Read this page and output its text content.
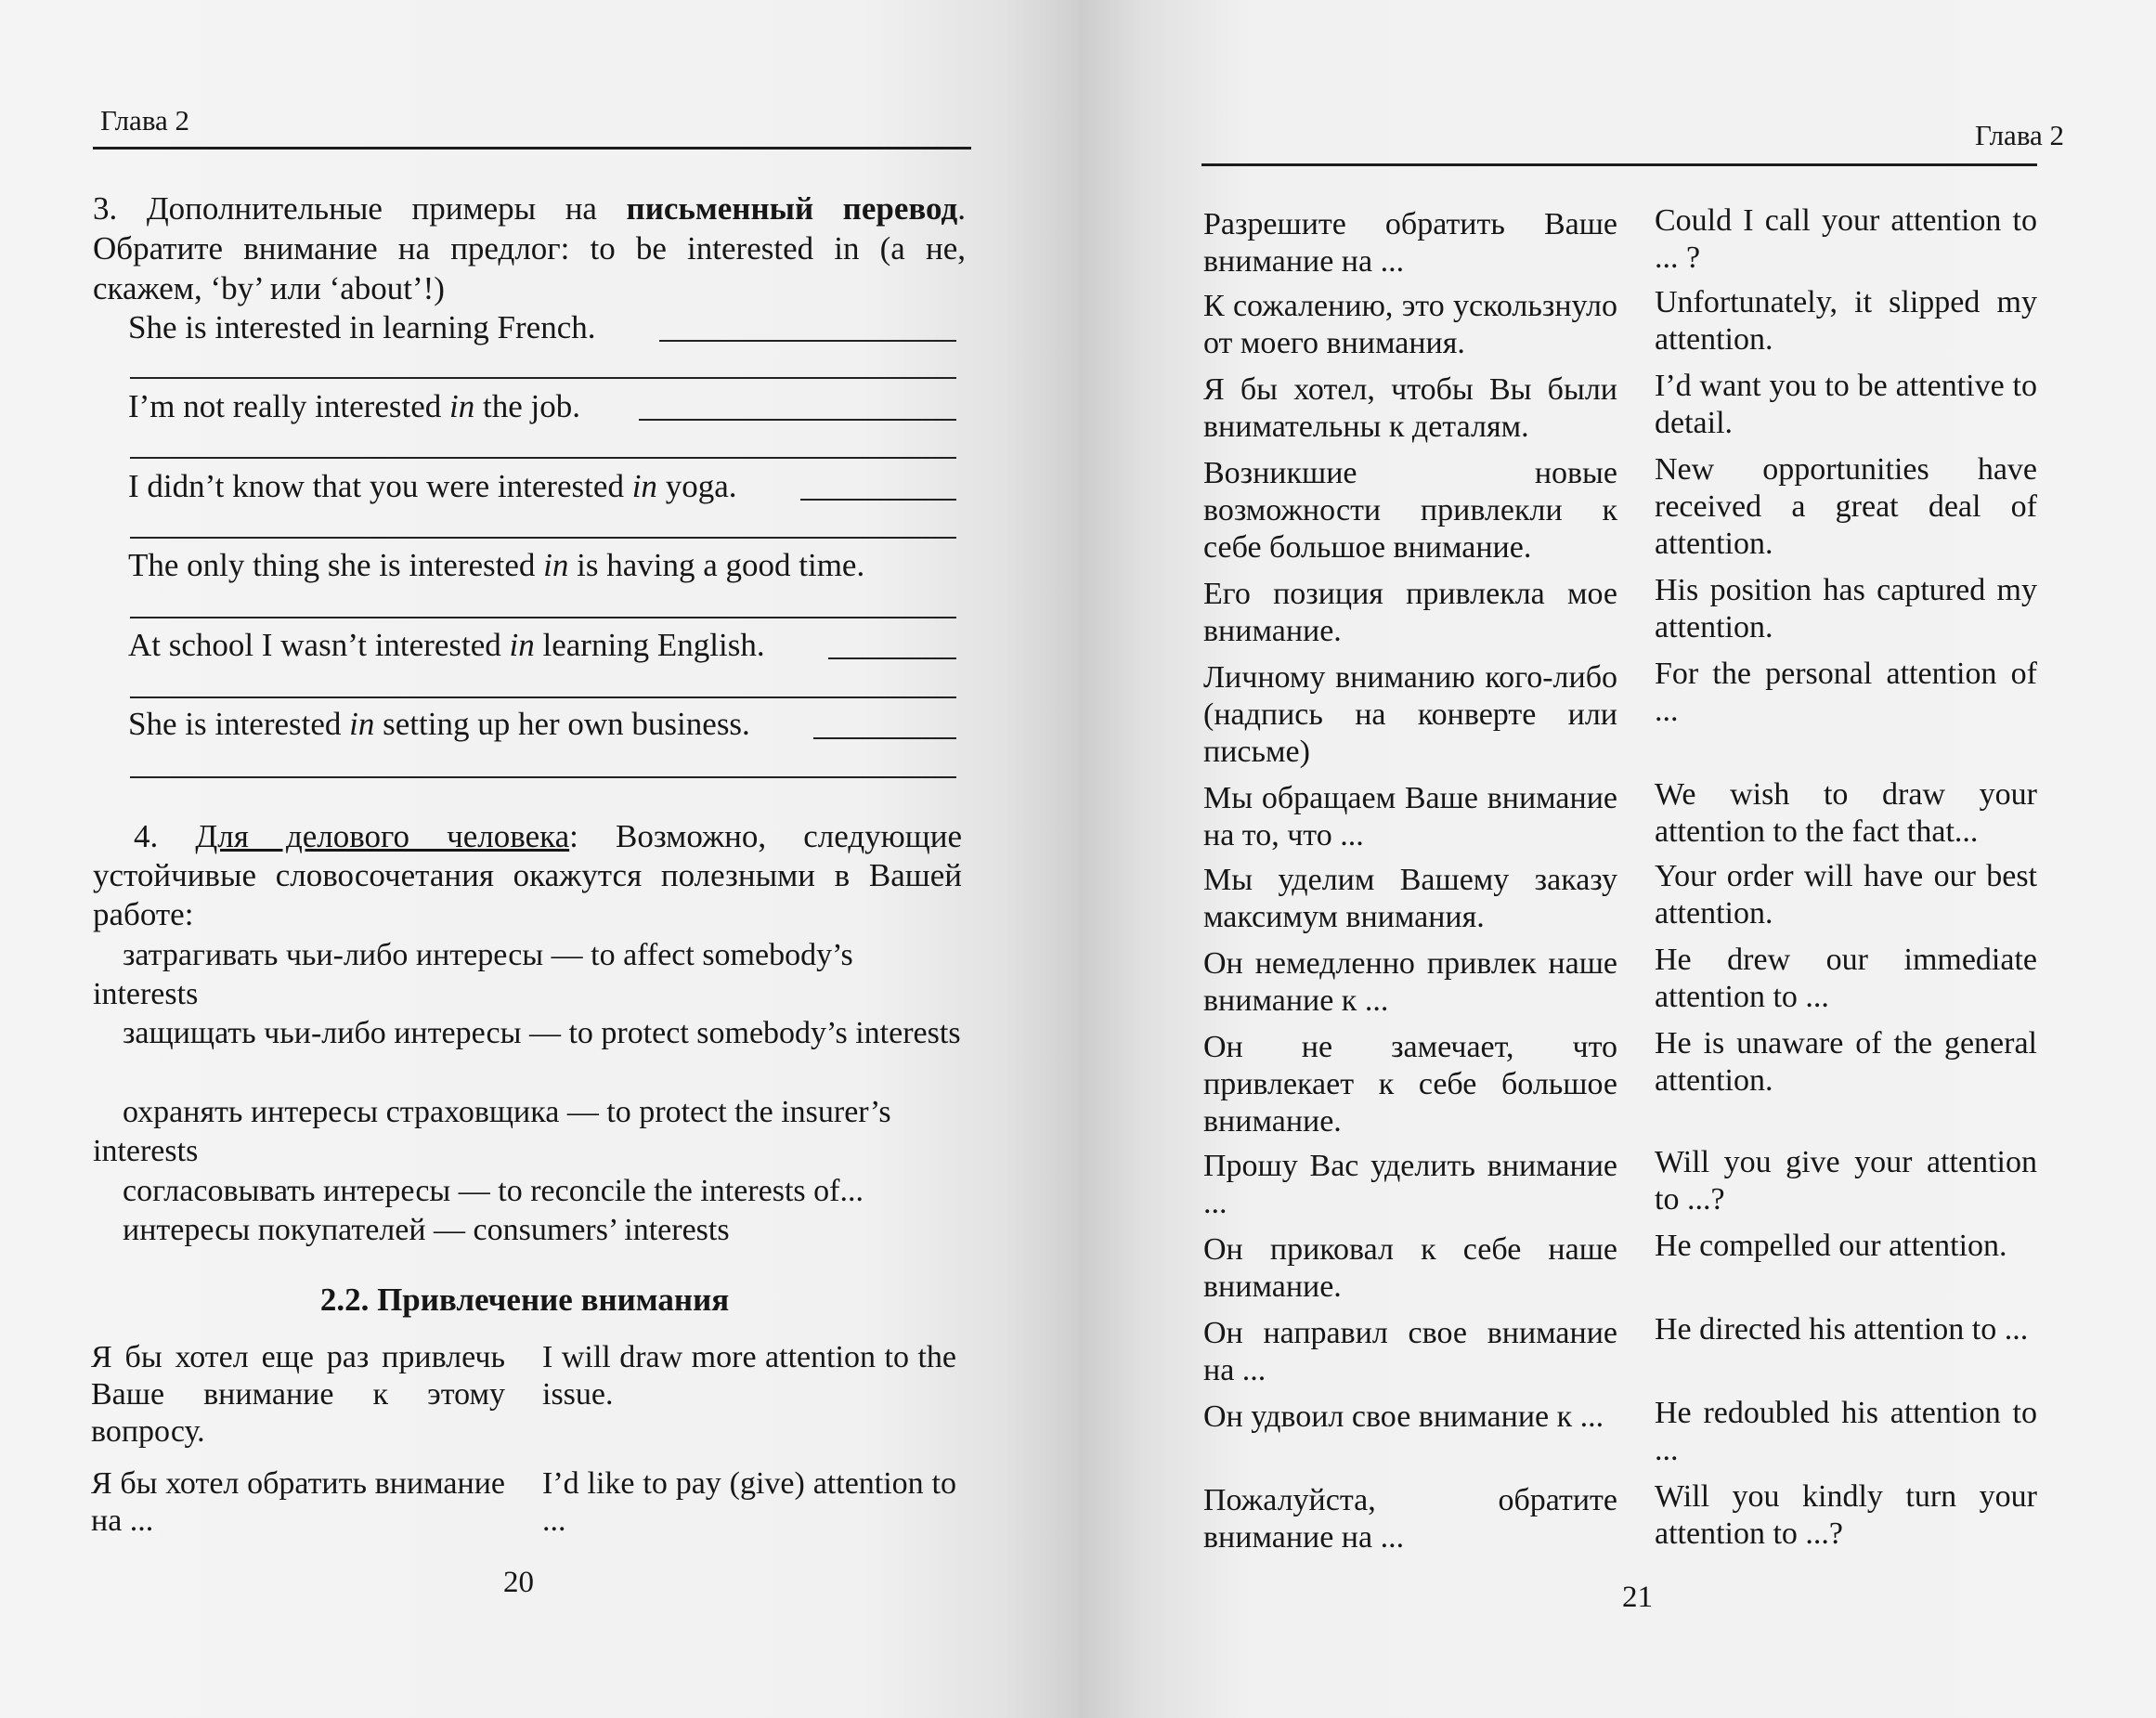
Глава 2
3. Дополнительные примеры на письменный перевод. Обратите внимание на предлог: to be interested in (а не, скажем, ‘by’ или ‘about’!)
She is interested in learning French.
I’m not really interested in the job.
I didn’t know that you were interested in yoga.
The only thing she is interested in is having a good time.
At school I wasn’t interested in learning English.
She is interested in setting up her own business.
4. Для делового человека: Возможно, следующие устойчивые словосочетания окажутся полезными в Вашей работе:
затрагивать чьи-либо интересы — to affect somebody’s interests
защищать чьи-либо интересы — to protect somebody’s interests
охранять интересы страховщика — to protect the insurer’s interests
согласовывать интересы — to reconcile the interests of...
интересы покупателей — consumers’ interests
2.2. Привлечение внимания
Я бы хотел еще раз привлечь Ваше внимание к этому вопросу.
I will draw more attention to the issue.
Я бы хотел обратить внимание на ...
I’d like to pay (give) attention to ...
20
Глава 2
Разрешите обратить Ваше внимание на ...
Could I call your attention to ... ?
К сожалению, это ускользнуло от моего внимания.
Unfortunately, it slipped my attention.
Я бы хотел, чтобы Вы были внимательны к деталям.
I’d want you to be attentive to detail.
Возникшие новые возможности привлекли к себе большое внимание.
New opportunities have received a great deal of attention.
Его позиция привлекла мое внимание.
His position has captured my attention.
Личному вниманию кого-либо (надпись на конверте или письме)
For the personal attention of ...
Мы обращаем Ваше внимание на то, что ...
We wish to draw your attention to the fact that...
Мы уделим Вашему заказу максимум внимания.
Your order will have our best attention.
Он немедленно привлек наше внимание к ...
He drew our immediate attention to ...
Он не замечает, что привлекает к себе большое внимание.
He is unaware of the general attention.
Прошу Вас уделить внимание ...
Will you give your attention to ...?
Он приковал к себе наше внимание.
He compelled our attention.
Он направил свое внимание на ...
He directed his attention to ...
Он удвоил свое внимание к ...	He redoubled his attention to ...
Пожалуйста, обратите внимание на ...
Will you kindly turn your attention to ...?
21
